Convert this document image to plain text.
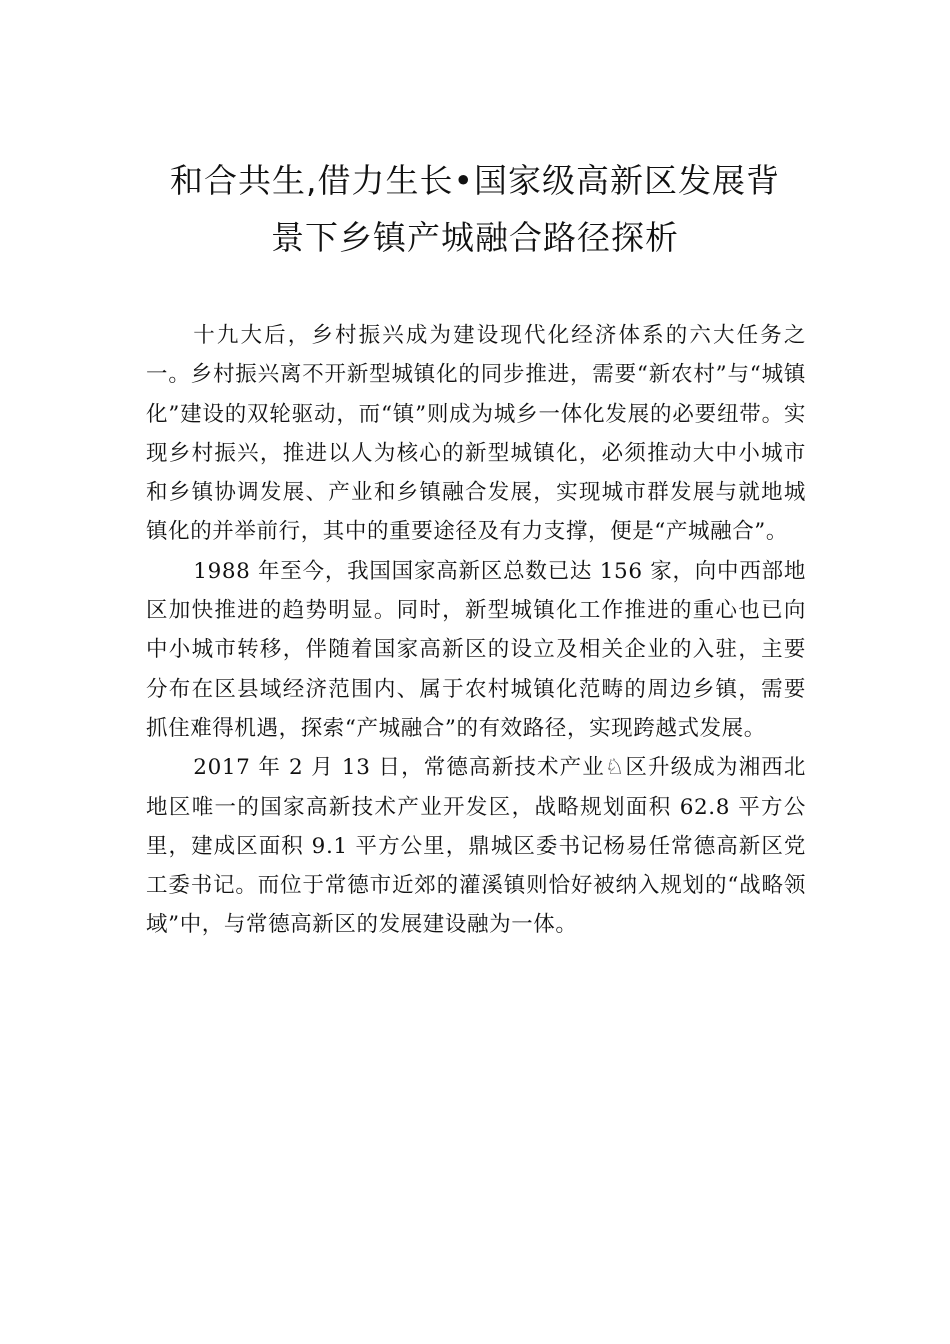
和合共生,借力生长•国家级高新区发展背
景下乡镇产城融合路径探析

十九大后，乡村振兴成为建设现代化经济体系的六大任务之一。乡村振兴离不开新型城镇化的同步推进，需要“新农村”与“城镇化”建设的双轮驱动，而“镇”则成为城乡一体化发展的必要纽带。实现乡村振兴，推进以人为核心的新型城镇化，必须推动大中小城市和乡镇协调发展、产业和乡镇融合发展，实现城市群发展与就地城镇化的并举前行，其中的重要途径及有力支撑，便是“产城融合”。

1988 年至今，我国国家高新区总数已达 156 家，向中西部地区加快推进的趋势明显。同时，新型城镇化工作推进的重心也已向中小城市转移，伴随着国家高新区的设立及相关企业的入驻，主要分布在区县域经济范围内、属于农村城镇化范畴的周边乡镇，需要抓住难得机遇，探索“产城融合”的有效路径，实现跨越式发展。

2017 年 2 月 13 日，常德高新技术产业♘区升级成为湘西北地区唯一的国家高新技术产业开发区，战略规划面积 62.8 平方公里，建成区面积 9.1 平方公里，鼎城区委书记杨易任常德高新区党工委书记。而位于常德市近郊的灌溪镇则恰好被纳入规划的“战略领域”中，与常德高新区的发展建设融为一体。
